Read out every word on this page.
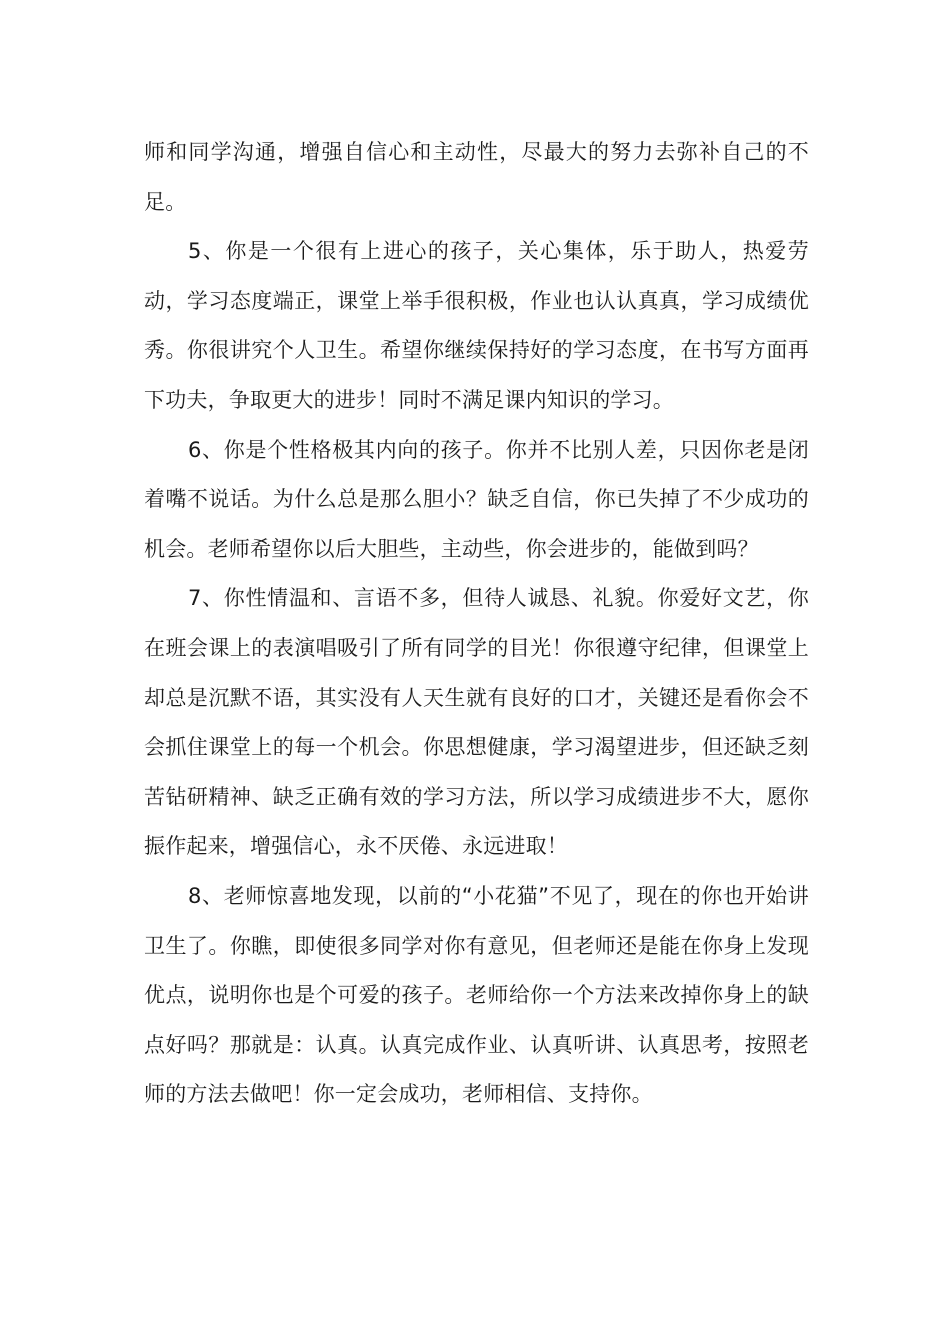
师和同学沟通，增强自信心和主动性，尽最大的努力去弥补自己的不足。

5、你是一个很有上进心的孩子，关心集体，乐于助人，热爱劳动，学习态度端正，课堂上举手很积极，作业也认认真真，学习成绩优秀。你很讲究个人卫生。希望你继续保持好的学习态度，在书写方面再下功夫，争取更大的进步！同时不满足课内知识的学习。

6、你是个性格极其内向的孩子。你并不比别人差，只因你老是闭着嘴不说话。为什么总是那么胆小？缺乏自信，你已失掉了不少成功的机会。老师希望你以后大胆些，主动些，你会进步的，能做到吗？

7、你性情温和、言语不多，但待人诚恳、礼貌。你爱好文艺，你在班会课上的表演唱吸引了所有同学的目光！你很遵守纪律，但课堂上却总是沉默不语，其实没有人天生就有良好的口才，关键还是看你会不会抓住课堂上的每一个机会。你思想健康，学习渴望进步，但还缺乏刻苦钻研精神、缺乏正确有效的学习方法，所以学习成绩进步不大，愿你振作起来，增强信心，永不厌倦、永远进取！

8、老师惊喜地发现，以前的“小花猫”不见了，现在的你也开始讲卫生了。你瞧，即使很多同学对你有意见，但老师还是能在你身上发现优点，说明你也是个可爱的孩子。老师给你一个方法来改掉你身上的缺点好吗？那就是：认真。认真完成作业、认真听讲、认真思考，按照老师的方法去做吧！你一定会成功，老师相信、支持你。
